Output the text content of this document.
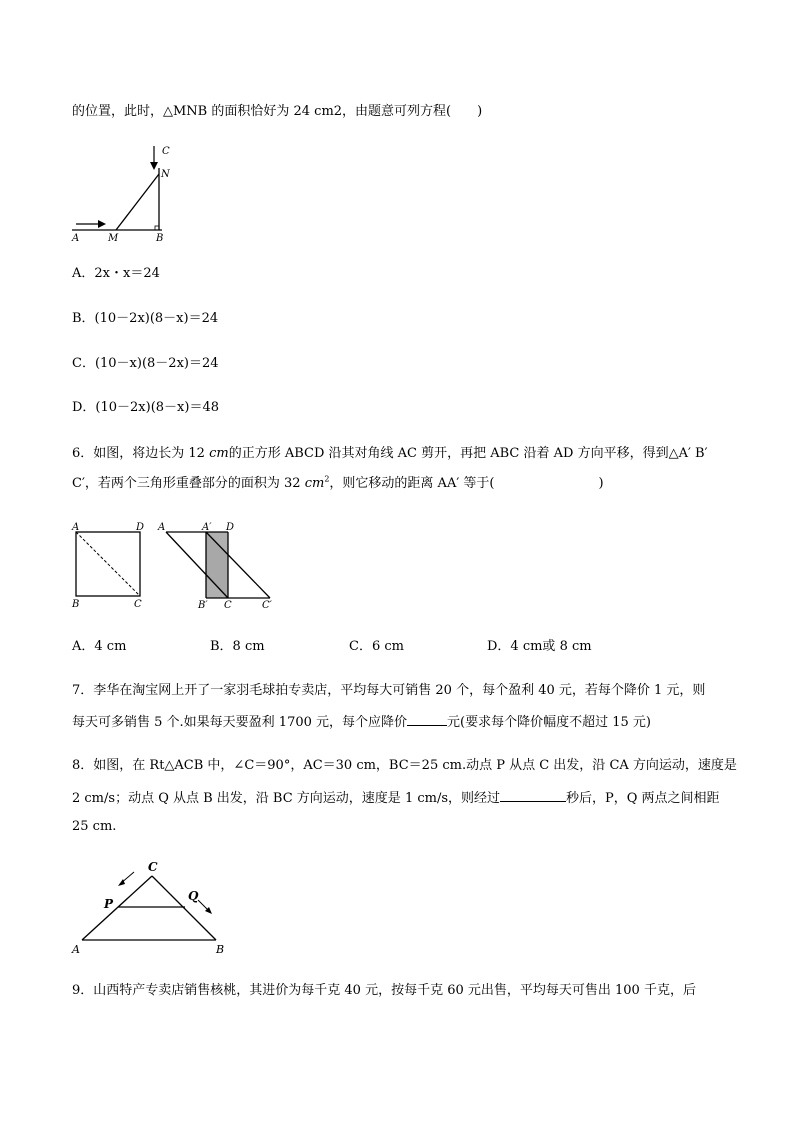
的位置，此时，△MNB 的面积恰好为 24 cm2，由题意可列方程(　　)
C
N
A	M	B
A．2x・x＝24
B．(10－2x)(8－x)＝24
C．(10－x)(8－2x)＝24
D．(10－2x)(8－x)＝48
6．如图，将边长为 12 cm的正方形 ABCD 沿其对角线 AC 剪开，再把 ABC 沿着 AD 方向平移，得到△A′ B′
C′，若两个三角形重叠部分的面积为 32 $cm^2$，则它移动的距离 AA′ 等于(　　　　　　　　)
A	D
B	C
A	A′ D
B′ C	C′
A．4 cm	B．8 cm	C．6 cm	D．4 cm或 8 cm
7．李华在淘宝网上开了一家羽毛球拍专卖店，平均每大可销售 20 个，每个盈利 40 元，若每个降价 1 元，则
每天可多销售 5 个.如果每天要盈利 1700 元，每个应降价	元(要求每个降价幅度不超过 15 元)
8．如图，在 Rt△ACB 中，∠C＝90°，AC＝30 cm，BC＝25 cm.动点 P 从点 C 出发，沿 CA 方向运动，速度是
2 cm/s；动点 Q 从点 B 出发，沿 BC 方向运动，速度是 1 cm/s，则经过	秒后，P，Q 两点之间相距
25 cm.
C
P
Q
A	B
9．山西特产专卖店销售核桃，其进价为每千克 40 元，按每千克 60 元出售，平均每天可售出 100 千克，后
